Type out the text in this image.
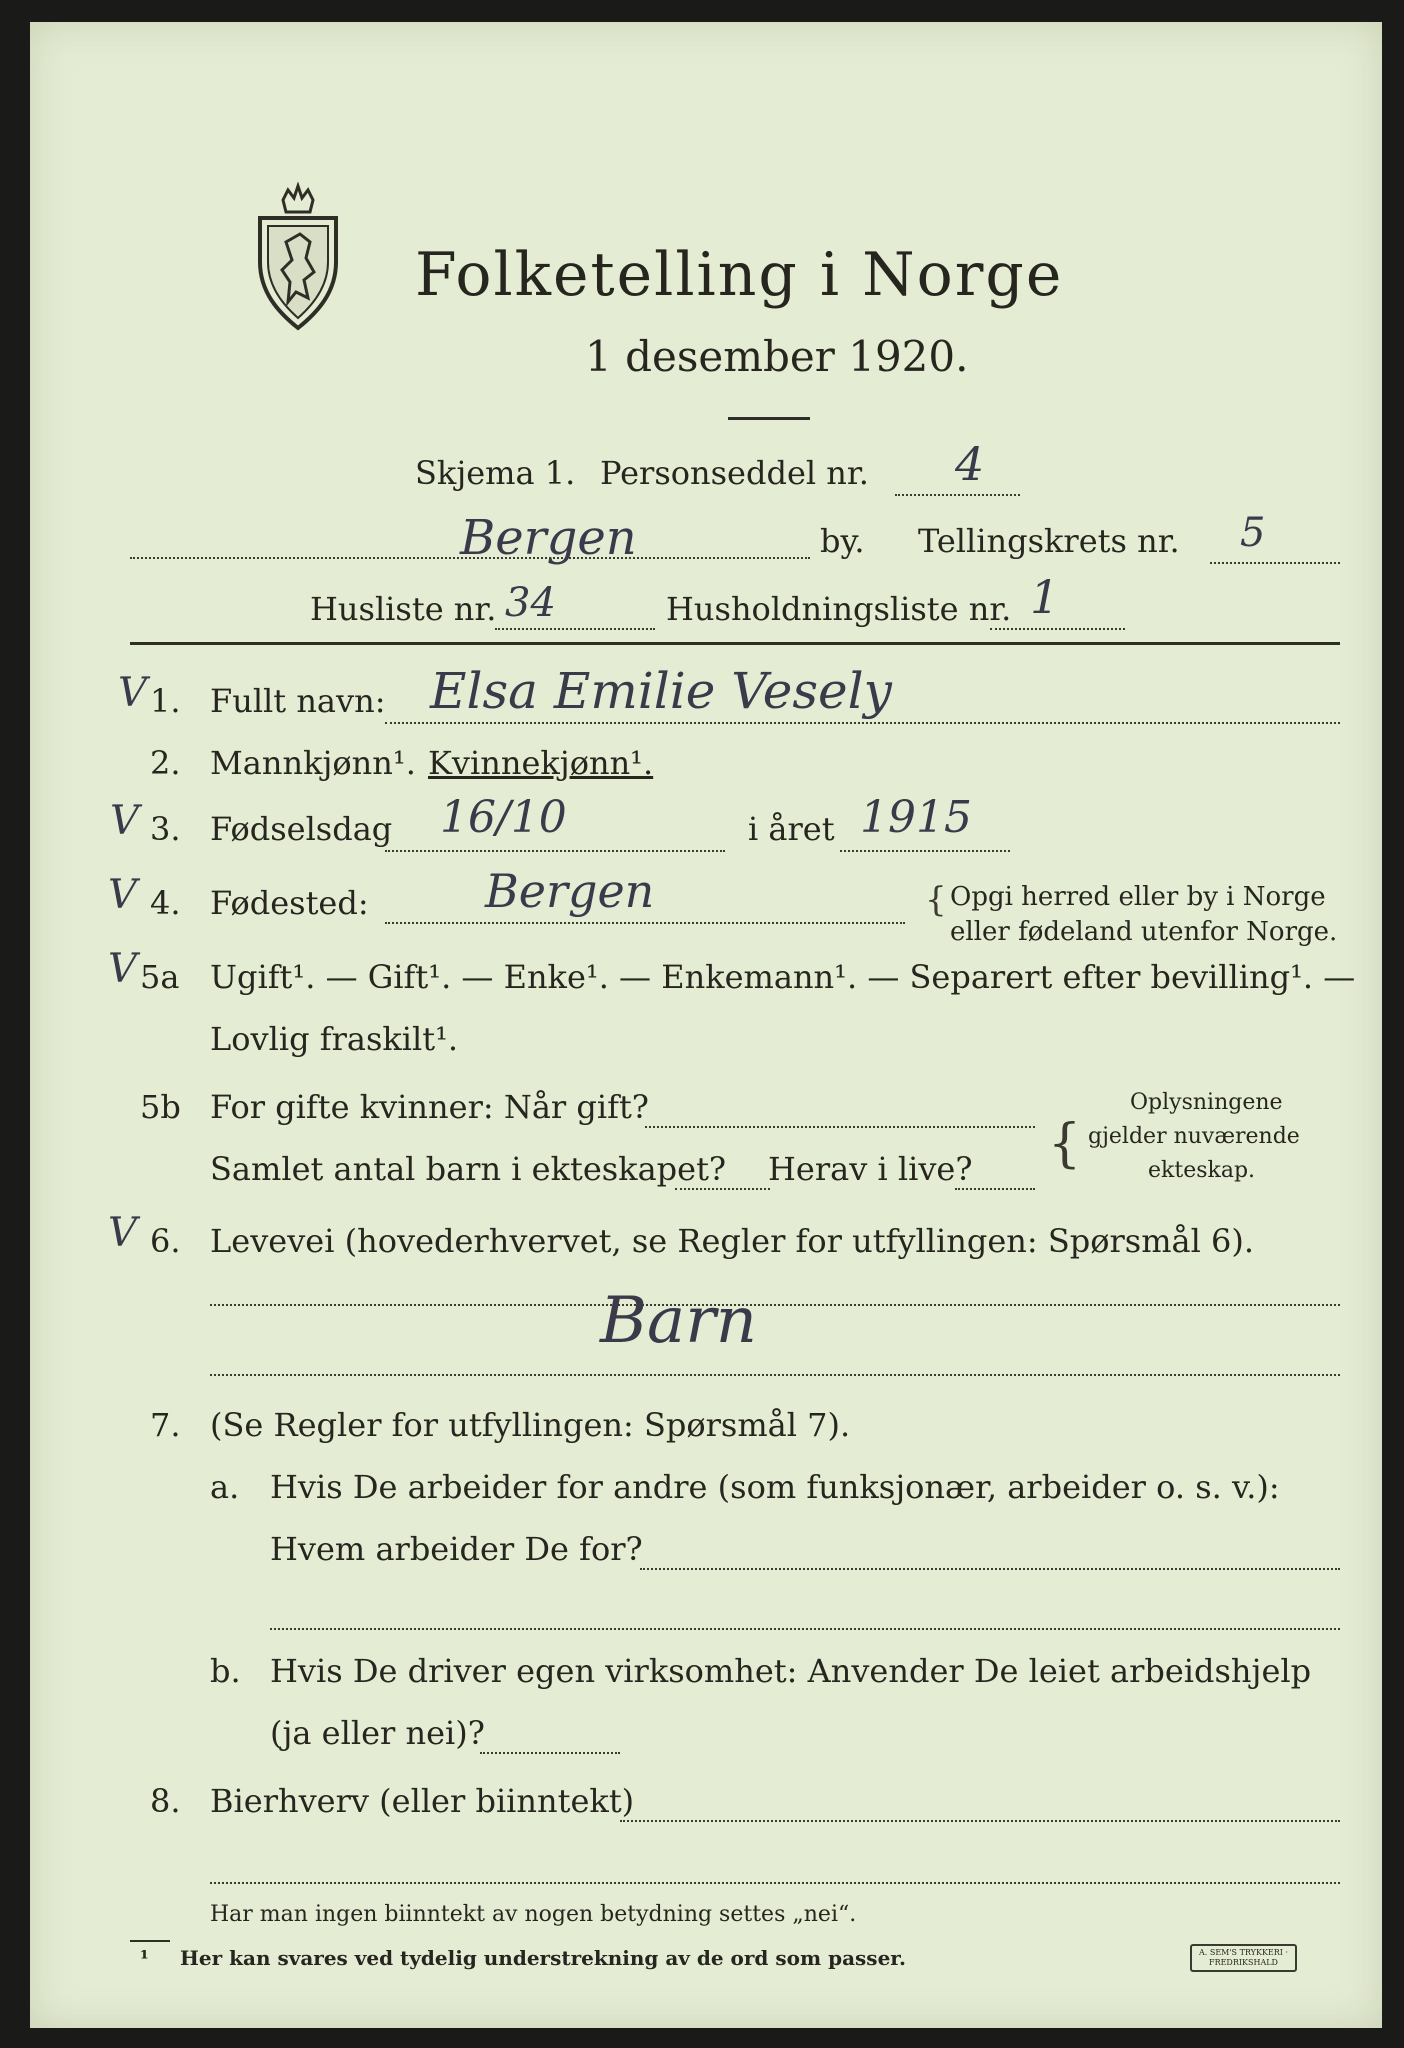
Folketelling i Norge
1 desember 1920.
Skjema 1. Personseddel nr. 4
Bergen	by. Tellingskrets nr. 5
Husliste nr. 34	Husholdningsliste nr. 1
V 1. Fullt navn: Elsa Emilie Vesely
2. Mannkjønn¹. Kvinnekjønn¹.
V 3. Fødselsdag 16/10	i året 1915
V 4. Fødested:	Bergen	{ Opgi herred eller by i Norge
eller fødeland utenfor Norge.
V 5a Ugift¹. — Gift¹. — Enke¹. — Enkemann¹. — Separert efter bevilling¹. —
Lovlig fraskilt¹.
5b For gifte kvinner: Når gift?
Samlet antal barn i ekteskapet? Herav i live? {
Oplysningene
gjelder nuværende
ekteskap.
V 6. Levevei (hovederhvervet, se Regler for utfyllingen: Spørsmål 6).
Barn
7. (Se Regler for utfyllingen: Spørsmål 7).
a. Hvis De arbeider for andre (som funksjonær, arbeider o. s. v.):
Hvem arbeider De for?
b. Hvis De driver egen virksomhet: Anvender De leiet arbeidshjelp
(ja eller nei)?
8. Bierhverv (eller biinntekt)
Har man ingen biinntekt av nogen betydning settes „nei“.
¹ Her kan svares ved tydelig understrekning av de ord som passer.	A. SEM'S TRYKKERI · FREDRIKSHALD
